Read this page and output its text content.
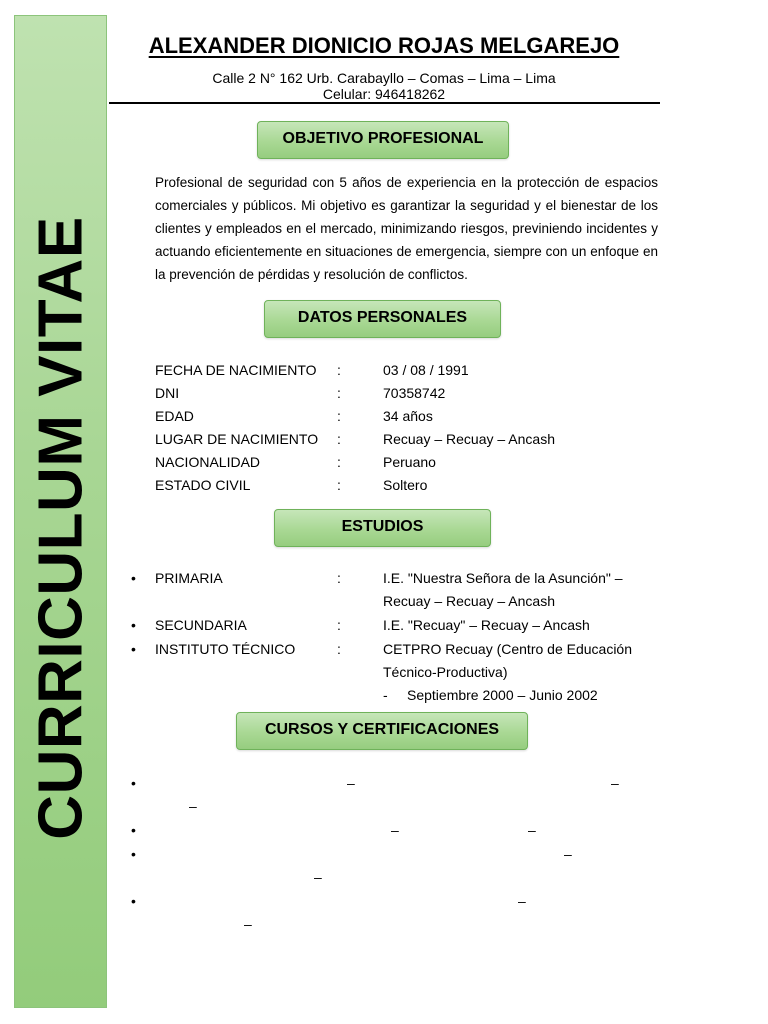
CURRICULUM VITAE
ALEXANDER DIONICIO ROJAS MELGAREJO
Calle 2 N° 162 Urb. Carabayllo – Comas – Lima – Lima
Celular: 946418262
OBJETIVO PROFESIONAL
Profesional de seguridad con 5 años de experiencia en la protección de espacios comerciales y públicos. Mi objetivo es garantizar la seguridad y el bienestar de los clientes y empleados en el mercado, minimizando riesgos, previniendo incidentes y actuando eficientemente en situaciones de emergencia, siempre con un enfoque en la prevención de pérdidas y resolución de conflictos.
DATOS PERSONALES
FECHA DE NACIMIENTO :	03 / 08 / 1991
DNI	:	70358742
EDAD	:	34 años
LUGAR DE NACIMIENTO :	Recuay – Recuay – Ancash
NACIONALIDAD	:	Peruano
ESTADO CIVIL	:	Soltero
ESTUDIOS
• PRIMARIA	:	I.E. "Nuestra Señora de la Asunción" –
Recuay – Recuay – Ancash
• SECUNDARIA	:	I.E. "Recuay" – Recuay – Ancash
• INSTITUTO TÉCNICO	:	CETPRO Recuay (Centro de Educación
Técnico-Productiva)
- Septiembre 2000 – Junio 2002
CURSOS Y CERTIFICACIONES
•	–	–
–
•	–	–
•	–
–
•	–
–
